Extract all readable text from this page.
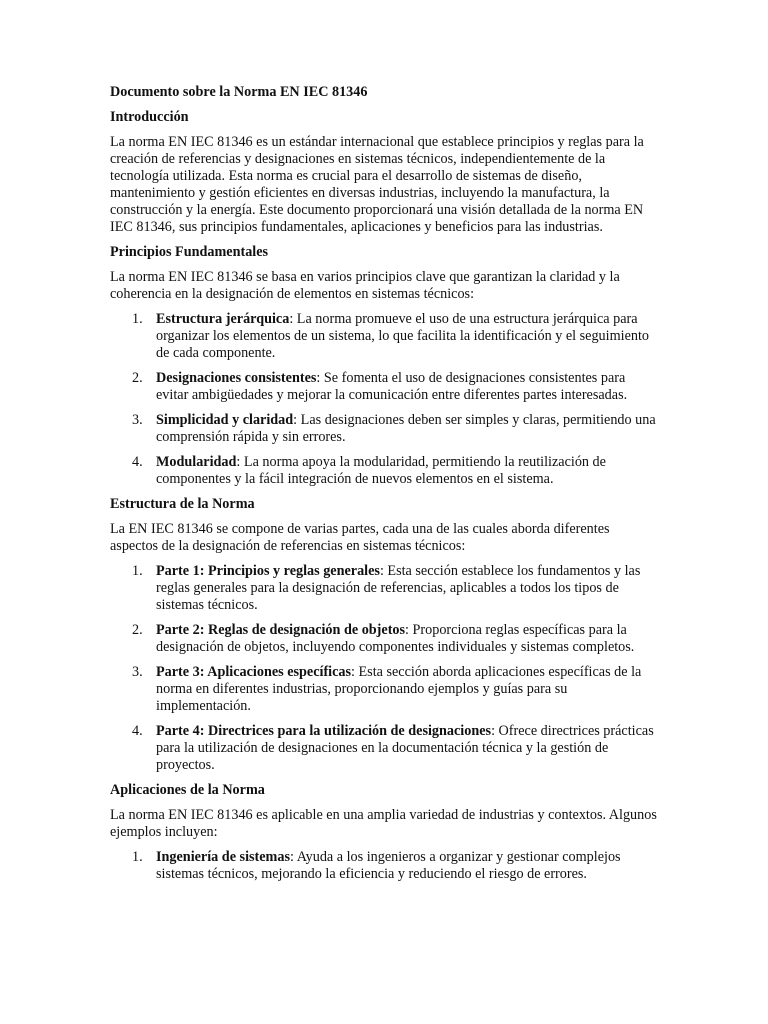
Documento sobre la Norma EN IEC 81346
Introducción

La norma EN IEC 81346 es un estándar internacional que establece principios y reglas para la creación de referencias y designaciones en sistemas técnicos, independientemente de la tecnología utilizada. Esta norma es crucial para el desarrollo de sistemas de diseño, mantenimiento y gestión eficientes en diversas industrias, incluyendo la manufactura, la construcción y la energía. Este documento proporcionará una visión detallada de la norma EN IEC 81346, sus principios fundamentales, aplicaciones y beneficios para las industrias.

Principios Fundamentales

La norma EN IEC 81346 se basa en varios principios clave que garantizan la claridad y la coherencia en la designación de elementos en sistemas técnicos:

1. Estructura jerárquica: La norma promueve el uso de una estructura jerárquica para organizar los elementos de un sistema, lo que facilita la identificación y el seguimiento de cada componente.
2. Designaciones consistentes: Se fomenta el uso de designaciones consistentes para evitar ambigüedades y mejorar la comunicación entre diferentes partes interesadas.
3. Simplicidad y claridad: Las designaciones deben ser simples y claras, permitiendo una comprensión rápida y sin errores.
4. Modularidad: La norma apoya la modularidad, permitiendo la reutilización de componentes y la fácil integración de nuevos elementos en el sistema.
Estructura de la Norma

La EN IEC 81346 se compone de varias partes, cada una de las cuales aborda diferentes aspectos de la designación de referencias en sistemas técnicos:

1. Parte 1: Principios y reglas generales: Esta sección establece los fundamentos y las reglas generales para la designación de referencias, aplicables a todos los tipos de sistemas técnicos.
2. Parte 2: Reglas de designación de objetos: Proporciona reglas específicas para la designación de objetos, incluyendo componentes individuales y sistemas completos.
3. Parte 3: Aplicaciones específicas: Esta sección aborda aplicaciones específicas de la norma en diferentes industrias, proporcionando ejemplos y guías para su implementación.
4. Parte 4: Directrices para la utilización de designaciones: Ofrece directrices prácticas para la utilización de designaciones en la documentación técnica y la gestión de proyectos.
Aplicaciones de la Norma

La norma EN IEC 81346 es aplicable en una amplia variedad de industrias y contextos. Algunos ejemplos incluyen:

1. Ingeniería de sistemas: Ayuda a los ingenieros a organizar y gestionar complejos sistemas técnicos, mejorando la eficiencia y reduciendo el riesgo de errores.
